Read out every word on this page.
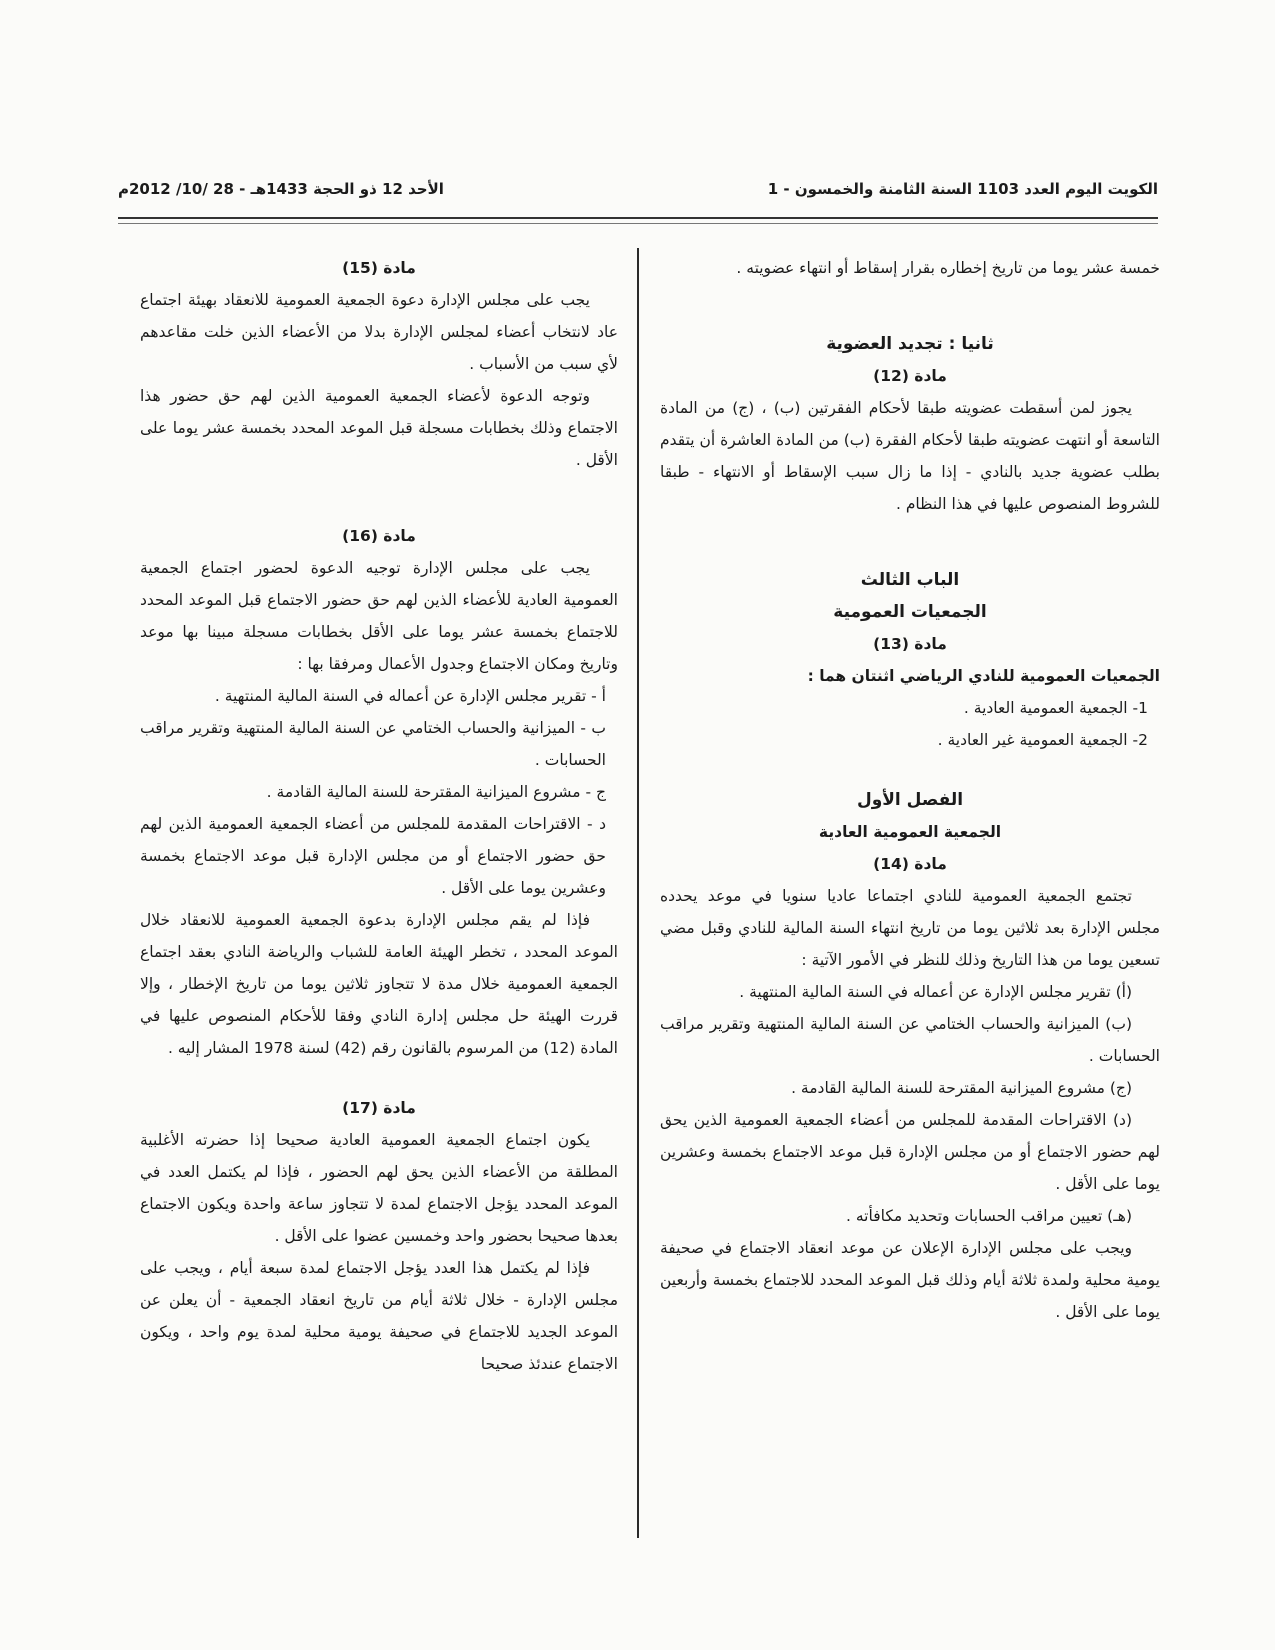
الكويت اليوم العدد 1103 السنة الثامنة والخمسون - 1
الأحد 12 ذو الحجة 1433هـ - 28 /10/ 2012م

خمسة عشر يوما من تاريخ إخطاره بقرار إسقاط أو انتهاء عضويته .

ثانيا : تجديد العضوية

مادة (12)

يجوز لمن أسقطت عضويته طبقا لأحكام الفقرتين (ب) ، (ج) من المادة التاسعة أو انتهت عضويته طبقا لأحكام الفقرة (ب) من المادة العاشرة أن يتقدم بطلب عضوية جديد بالنادي - إذا ما زال سبب الإسقاط أو الانتهاء - طبقا للشروط المنصوص عليها في هذا النظام .

الباب الثالث

الجمعيات العمومية

مادة (13)

الجمعيات العمومية للنادي الرياضي اثنتان هما :

1- الجمعية العمومية العادية .

2- الجمعية العمومية غير العادية .

الفصل الأول

الجمعية العمومية العادية

مادة (14)

تجتمع الجمعية العمومية للنادي اجتماعا عاديا سنويا في موعد يحدده مجلس الإدارة بعد ثلاثين يوما من تاريخ انتهاء السنة المالية للنادي وقبل مضي تسعين يوما من هذا التاريخ وذلك للنظر في الأمور الآتية :

(أ) تقرير مجلس الإدارة عن أعماله في السنة المالية المنتهية .

(ب) الميزانية والحساب الختامي عن السنة المالية المنتهية وتقرير مراقب الحسابات .

(ج) مشروع الميزانية المقترحة للسنة المالية القادمة .

(د) الاقتراحات المقدمة للمجلس من أعضاء الجمعية العمومية الذين يحق لهم حضور الاجتماع أو من مجلس الإدارة قبل موعد الاجتماع بخمسة وعشرين يوما على الأقل .

(هـ) تعيين مراقب الحسابات وتحديد مكافأته .

ويجب على مجلس الإدارة الإعلان عن موعد انعقاد الاجتماع في صحيفة يومية محلية ولمدة ثلاثة أيام وذلك قبل الموعد المحدد للاجتماع بخمسة وأربعين يوما على الأقل .

مادة (15)

يجب على مجلس الإدارة دعوة الجمعية العمومية للانعقاد بهيئة اجتماع عاد لانتخاب أعضاء لمجلس الإدارة بدلا من الأعضاء الذين خلت مقاعدهم لأي سبب من الأسباب .

وتوجه الدعوة لأعضاء الجمعية العمومية الذين لهم حق حضور هذا الاجتماع وذلك بخطابات مسجلة قبل الموعد المحدد بخمسة عشر يوما على الأقل .

مادة (16)

يجب على مجلس الإدارة توجيه الدعوة لحضور اجتماع الجمعية العمومية العادية للأعضاء الذين لهم حق حضور الاجتماع قبل الموعد المحدد للاجتماع بخمسة عشر يوما على الأقل بخطابات مسجلة مبينا بها موعد وتاريخ ومكان الاجتماع وجدول الأعمال ومرفقا بها :

أ - تقرير مجلس الإدارة عن أعماله في السنة المالية المنتهية .

ب - الميزانية والحساب الختامي عن السنة المالية المنتهية وتقرير مراقب الحسابات .

ج - مشروع الميزانية المقترحة للسنة المالية القادمة .

د - الاقتراحات المقدمة للمجلس من أعضاء الجمعية العمومية الذين لهم حق حضور الاجتماع أو من مجلس الإدارة قبل موعد الاجتماع بخمسة وعشرين يوما على الأقل .

فإذا لم يقم مجلس الإدارة بدعوة الجمعية العمومية للانعقاد خلال الموعد المحدد ، تخطر الهيئة العامة للشباب والرياضة النادي بعقد اجتماع الجمعية العمومية خلال مدة لا تتجاوز ثلاثين يوما من تاريخ الإخطار ، وإلا قررت الهيئة حل مجلس إدارة النادي وفقا للأحكام المنصوص عليها في المادة (12) من المرسوم بالقانون رقم (42) لسنة 1978 المشار إليه .

مادة (17)

يكون اجتماع الجمعية العمومية العادية صحيحا إذا حضرته الأغلبية المطلقة من الأعضاء الذين يحق لهم الحضور ، فإذا لم يكتمل العدد في الموعد المحدد يؤجل الاجتماع لمدة لا تتجاوز ساعة واحدة ويكون الاجتماع بعدها صحيحا بحضور واحد وخمسين عضوا على الأقل .

فإذا لم يكتمل هذا العدد يؤجل الاجتماع لمدة سبعة أيام ، ويجب على مجلس الإدارة - خلال ثلاثة أيام من تاريخ انعقاد الجمعية - أن يعلن عن الموعد الجديد للاجتماع في صحيفة يومية محلية لمدة يوم واحد ، ويكون الاجتماع عندئذ صحيحا
